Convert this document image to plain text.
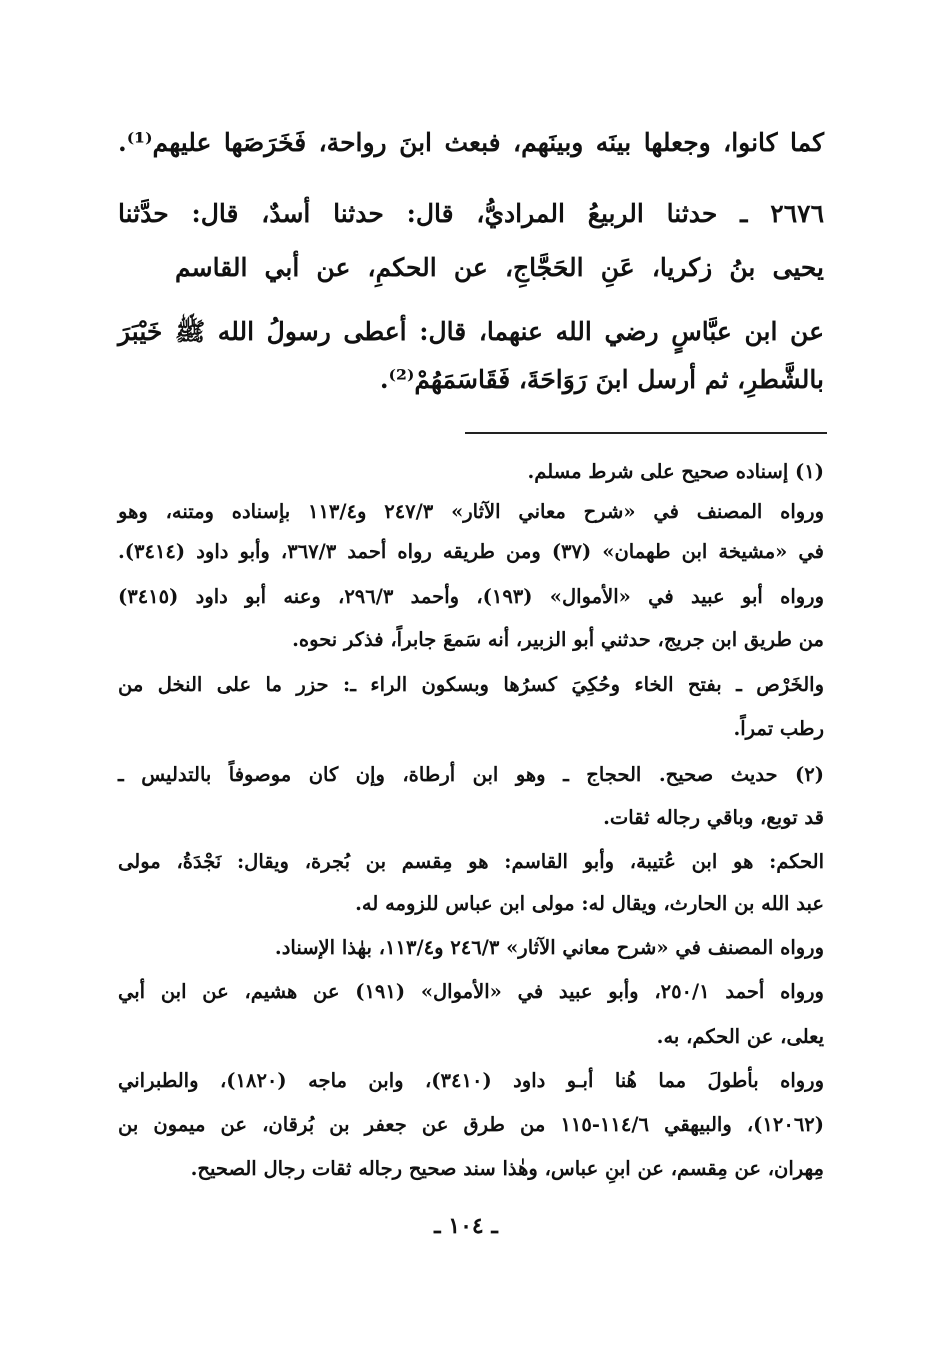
كما كانوا، وجعلها بينَه وبينَهم، فبعث ابنَ رواحة، فَخَرَصَها عليهم⁽¹⁾.
٢٦٧٦ ـ حدثنا الربيعُ المراديُّ، قال: حدثنا أسدٌ، قال: حدَّثنا
يحيى بنُ زكريا، عَنِ الحَجَّاجِ، عن الحكمِ، عن أبي القاسم
عن ابن عبَّاسٍ رضي الله عنهما، قال: أعطى رسولُ الله ﷺ خَيْبَرَ
بالشَّطرِ، ثم أرسل ابنَ رَوَاحَةَ، فَقَاسَمَهُمْ⁽²⁾.
(١) إسناده صحيح على شرط مسلم.
ورواه المصنف في «شرح معاني الآثار» ٢٤٧/٣ و١١٣/٤ بإسناده ومتنه، وهو
في «مشيخة ابن طهمان» (٣٧) ومن طريقه رواه أحمد ٣٦٧/٣، وأبو داود (٣٤١٤).
ورواه أبو عبيد في «الأموال» (١٩٣)، وأحمد ٢٩٦/٣، وعنه أبو داود (٣٤١٥)
من طريق ابن جريج، حدثني أبو الزبير، أنه سَمعَ جابراً، فذكر نحوه.
والخَرْص ـ بفتح الخاء وحُكِيَ كسرُها وبسكون الراء ـ: حزر ما على النخل من
رطب تمراً.
(٢) حديث صحيح. الحجاج ـ وهو ابن أرطاة، وإن كان موصوفاً بالتدليس ـ
قد توبع، وباقي رجاله ثقات.
الحكم: هو ابن عُتيبة، وأبو القاسم: هو مِقسم بن بُجرة، ويقال: نَجْدَةُ، مولى
عبد الله بن الحارث، ويقال له: مولى ابن عباس للزومه له.
ورواه المصنف في «شرح معاني الآثار» ٢٤٦/٣ و١١٣/٤، بهٰذا الإسناد.
ورواه أحمد ٢٥٠/١، وأبو عبيد في «الأموال» (١٩١) عن هشيم، عن ابن أبي
يعلى، عن الحكم، به.
ورواه بأطولَ مما هُنا أبـو داود (٣٤١٠)، وابن ماجه (١٨٢٠)، والطبراني
(١٢٠٦٢)، والبيهقي ١١٤/٦-١١٥ من طرق عن جعفر بن بُرقان، عن ميمون بن
مِهران، عن مِقسم، عن ابنِ عباس، وهٰذا سند صحيح رجاله ثقات رجال الصحيح.
ـ ١٠٤ ـ
